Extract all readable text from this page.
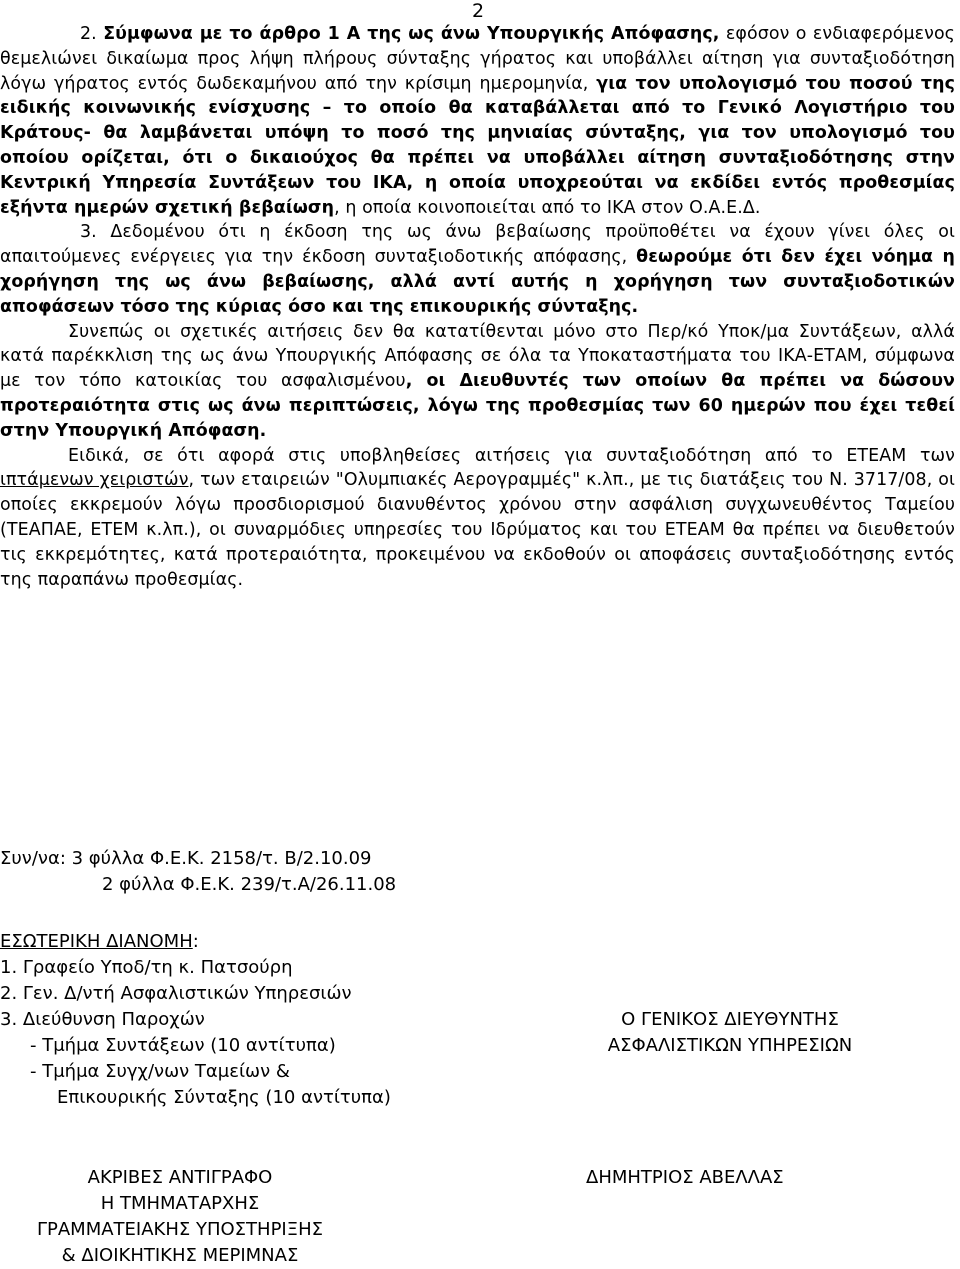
2

2. Σύμφωνα με το άρθρο 1 Α της ως άνω Υπουργικής Απόφασης, εφόσον ο ενδιαφερόμενος θεμελιώνει δικαίωμα προς λήψη πλήρους σύνταξης γήρατος και υποβάλλει αίτηση για συνταξιοδότηση λόγω γήρατος εντός δωδεκαμήνου από την κρίσιμη ημερομηνία, για τον υπολογισμό του ποσού της ειδικής κοινωνικής ενίσχυσης – το οποίο θα καταβάλλεται από το Γενικό Λογιστήριο του Κράτους- θα λαμβάνεται υπόψη το ποσό της μηνιαίας σύνταξης, για τον υπολογισμό του οποίου ορίζεται, ότι ο δικαιούχος θα πρέπει να υποβάλλει αίτηση συνταξιοδότησης στην Κεντρική Υπηρεσία Συντάξεων του ΙΚΑ, η οποία υποχρεούται να εκδίδει εντός προθεσμίας εξήντα ημερών σχετική βεβαίωση, η οποία κοινοποιείται από το ΙΚΑ στον Ο.Α.Ε.Δ.

3. Δεδομένου ότι η έκδοση της ως άνω βεβαίωσης προϋποθέτει να έχουν γίνει όλες οι απαιτούμενες ενέργειες για την έκδοση συνταξιοδοτικής απόφασης, θεωρούμε ότι δεν έχει νόημα η χορήγηση της ως άνω βεβαίωσης, αλλά αντί αυτής η χορήγηση των συνταξιοδοτικών αποφάσεων τόσο της κύριας όσο και της επικουρικής σύνταξης.

Συνεπώς οι σχετικές αιτήσεις δεν θα κατατίθενται μόνο στο Περ/κό Υποκ/μα Συντάξεων, αλλά κατά παρέκκλιση της ως άνω Υπουργικής Απόφασης σε όλα τα Υποκαταστήματα του ΙΚΑ-ΕΤΑΜ, σύμφωνα με τον τόπο κατοικίας του ασφαλισμένου, οι Διευθυντές των οποίων θα πρέπει να δώσουν προτεραιότητα στις ως άνω περιπτώσεις, λόγω της προθεσμίας των 60 ημερών που έχει τεθεί στην Υπουργική Απόφαση.

Ειδικά, σε ότι αφορά στις υποβληθείσες αιτήσεις για συνταξιοδότηση από το ΕΤΕΑΜ των ιπτάμενων χειριστών, των εταιρειών "Ολυμπιακές Αερογραμμές" κ.λπ., με τις διατάξεις του Ν. 3717/08, οι οποίες εκκρεμούν λόγω προσδιορισμού διανυθέντος χρόνου στην ασφάλιση συγχωνευθέντος Ταμείου (ΤΕΑΠΑΕ, ΕΤΕΜ κ.λπ.), οι συναρμόδιες υπηρεσίες του Ιδρύματος και του ΕΤΕΑΜ θα πρέπει να διευθετούν τις εκκρεμότητες, κατά προτεραιότητα, προκειμένου να εκδοθούν οι αποφάσεις συνταξιοδότησης εντός της παραπάνω προθεσμίας.

Συν/να: 3 φύλλα Φ.Ε.Κ. 2158/τ. Β/2.10.09
2 φύλλα Φ.Ε.Κ. 239/τ.Α/26.11.08
ΕΣΩΤΕΡΙΚΗ ΔΙΑΝΟΜΗ:
1. Γραφείο Υποδ/τη κ. Πατσούρη
2. Γεν. Δ/ντή Ασφαλιστικών Υπηρεσιών
3. Διεύθυνση Παροχών
- Τμήμα Συντάξεων (10 αντίτυπα)
- Τμήμα Συγχ/νων Ταμείων &
Επικουρικής Σύνταξης (10 αντίτυπα)
Ο ΓΕΝΙΚΟΣ ΔΙΕΥΘΥΝΤΗΣ
ΑΣΦΑΛΙΣΤΙΚΩΝ ΥΠΗΡΕΣΙΩΝ
ΑΚΡΙΒΕΣ ΑΝΤΙΓΡΑΦΟ
Η ΤΜΗΜΑΤΑΡΧΗΣ
ΓΡΑΜΜΑΤΕΙΑΚΗΣ ΥΠΟΣΤΗΡΙΞΗΣ
& ΔΙΟΙΚΗΤΙΚΗΣ ΜΕΡΙΜΝΑΣ
ΔΗΜΗΤΡΙΟΣ ΑΒΕΛΛΑΣ
